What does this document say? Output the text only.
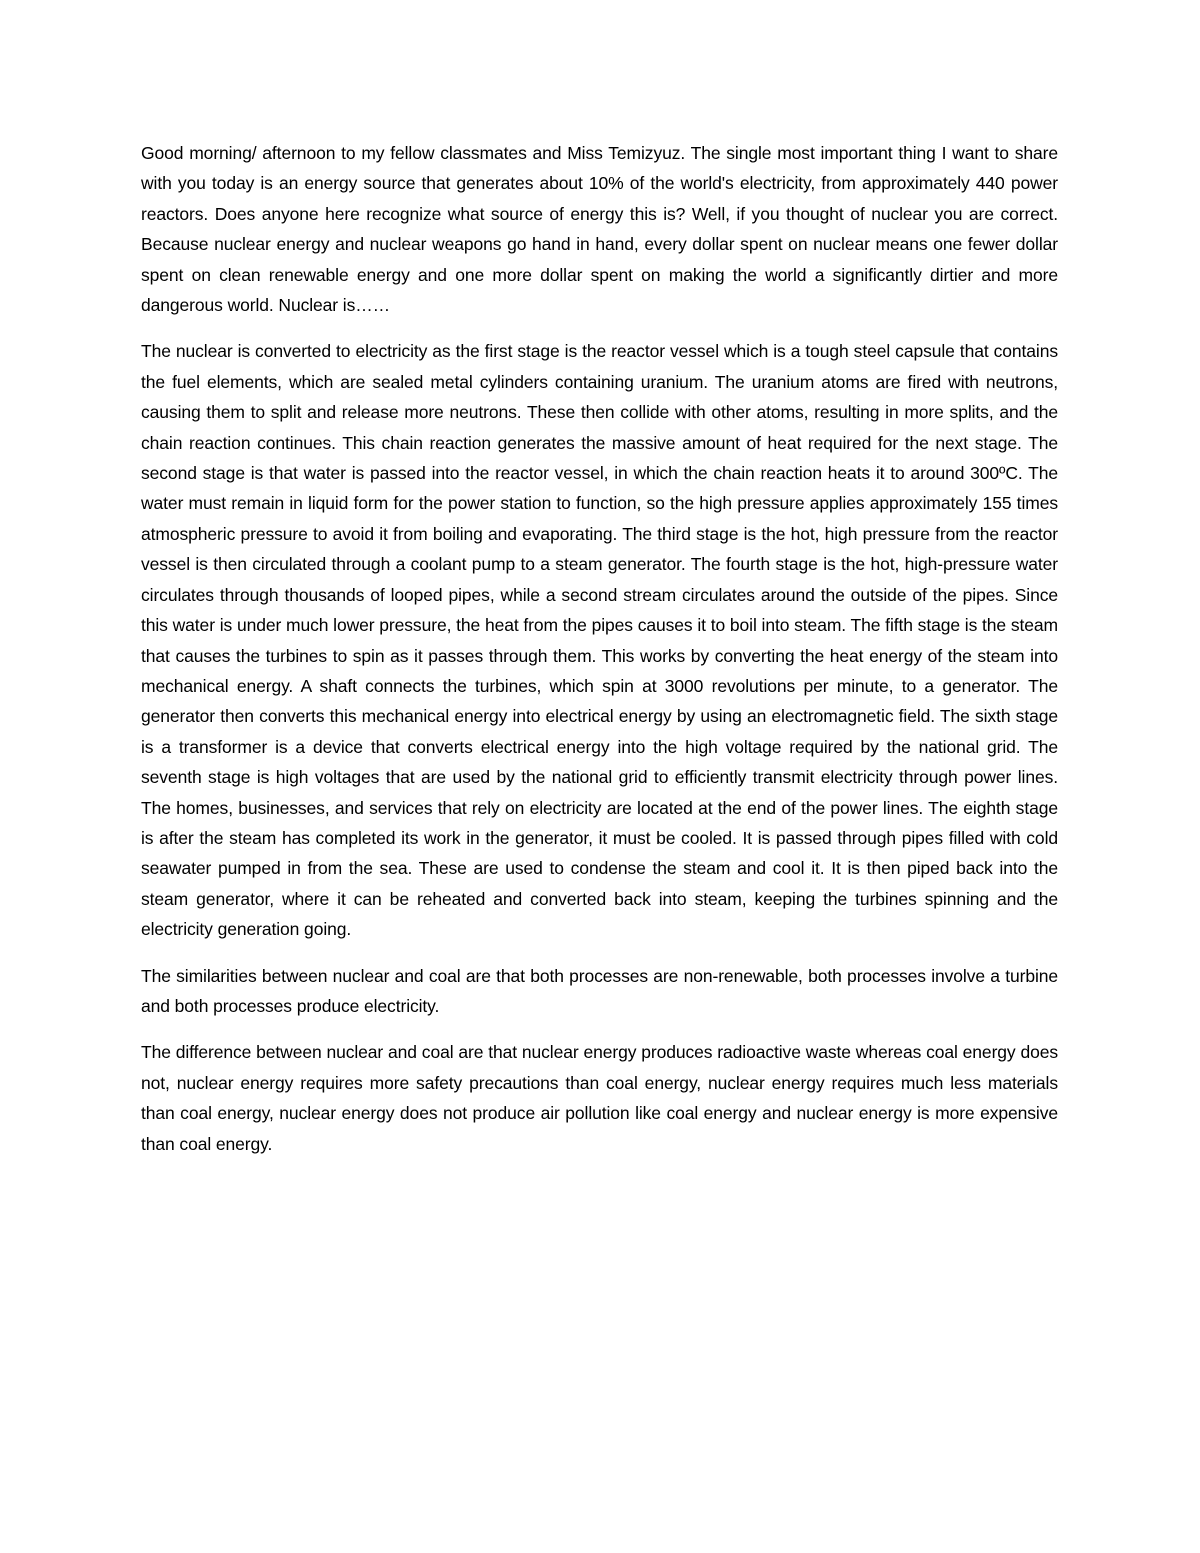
Good morning/ afternoon to my fellow classmates and Miss Temizyuz. The single most important thing I want to share with you today is an energy source that generates about 10% of the world's electricity, from approximately 440 power reactors. Does anyone here recognize what source of energy this is? Well, if you thought of nuclear you are correct. Because nuclear energy and nuclear weapons go hand in hand, every dollar spent on nuclear means one fewer dollar spent on clean renewable energy and one more dollar spent on making the world a significantly dirtier and more dangerous world. Nuclear is……

The nuclear is converted to electricity as the first stage is the reactor vessel which is a tough steel capsule that contains the fuel elements, which are sealed metal cylinders containing uranium. The uranium atoms are fired with neutrons, causing them to split and release more neutrons. These then collide with other atoms, resulting in more splits, and the chain reaction continues. This chain reaction generates the massive amount of heat required for the next stage. The second stage is that water is passed into the reactor vessel, in which the chain reaction heats it to around 300ºC. The water must remain in liquid form for the power station to function, so the high pressure applies approximately 155 times atmospheric pressure to avoid it from boiling and evaporating. The third stage is the hot, high pressure from the reactor vessel is then circulated through a coolant pump to a steam generator. The fourth stage is the hot, high-pressure water circulates through thousands of looped pipes, while a second stream circulates around the outside of the pipes. Since this water is under much lower pressure, the heat from the pipes causes it to boil into steam. The fifth stage is the steam that causes the turbines to spin as it passes through them. This works by converting the heat energy of the steam into mechanical energy. A shaft connects the turbines, which spin at 3000 revolutions per minute, to a generator. The generator then converts this mechanical energy into electrical energy by using an electromagnetic field. The sixth stage is a transformer is a device that converts electrical energy into the high voltage required by the national grid. The seventh stage is high voltages that are used by the national grid to efficiently transmit electricity through power lines. The homes, businesses, and services that rely on electricity are located at the end of the power lines. The eighth stage is after the steam has completed its work in the generator, it must be cooled. It is passed through pipes filled with cold seawater pumped in from the sea. These are used to condense the steam and cool it. It is then piped back into the steam generator, where it can be reheated and converted back into steam, keeping the turbines spinning and the electricity generation going.

The similarities between nuclear and coal are that both processes are non-renewable, both processes involve a turbine and both processes produce electricity.

The difference between nuclear and coal are that nuclear energy produces radioactive waste whereas coal energy does not, nuclear energy requires more safety precautions than coal energy, nuclear energy requires much less materials than coal energy, nuclear energy does not produce air pollution like coal energy and nuclear energy is more expensive than coal energy.
